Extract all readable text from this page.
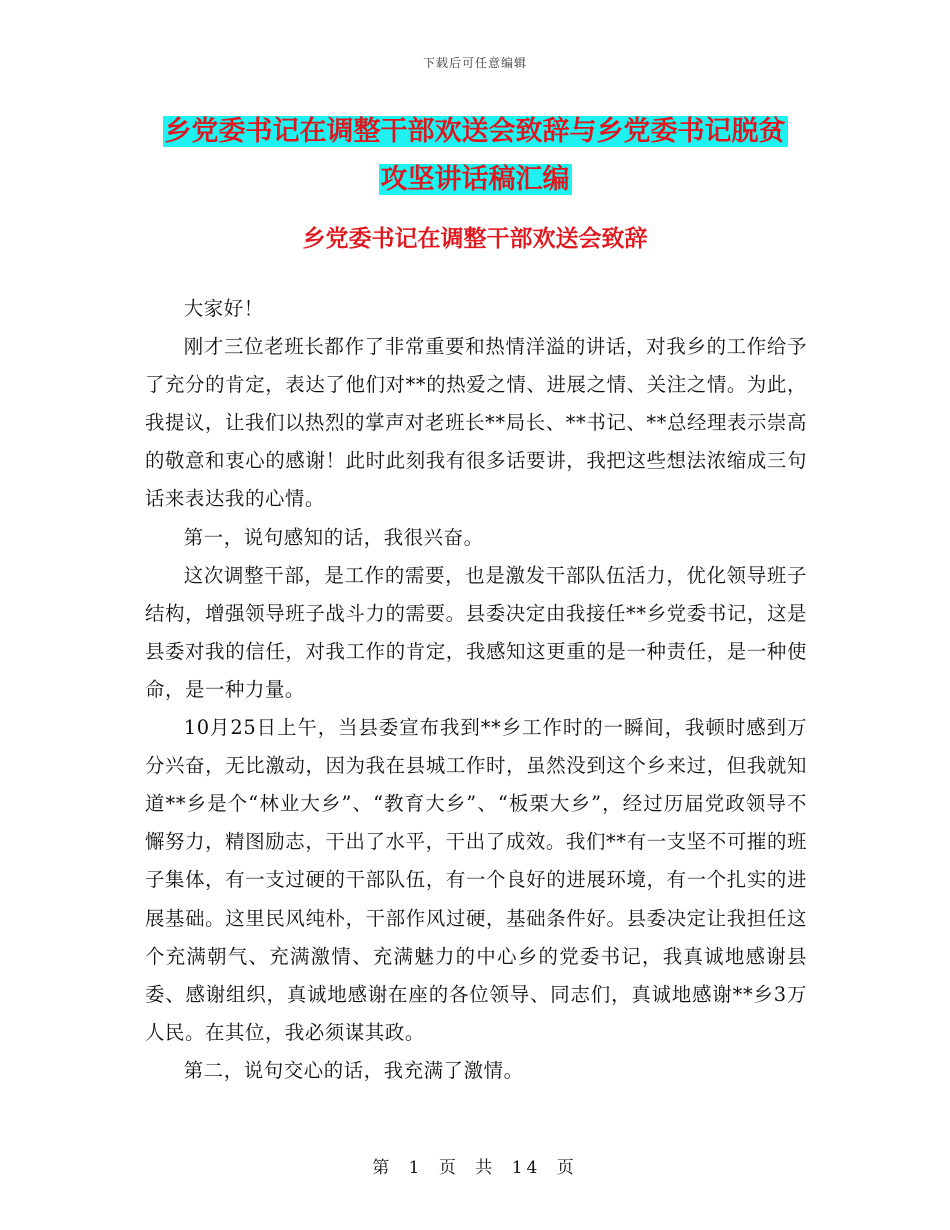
下载后可任意编辑
乡党委书记在调整干部欢送会致辞与乡党委书记脱贫
攻坚讲话稿汇编
乡党委书记在调整干部欢送会致辞

大家好！

刚才三位老班长都作了非常重要和热情洋溢的讲话，对我乡的工作给予了充分的肯定，表达了他们对**的热爱之情、进展之情、关注之情。为此，我提议，让我们以热烈的掌声对老班长**局长、**书记、**总经理表示崇高的敬意和衷心的感谢！此时此刻我有很多话要讲，我把这些想法浓缩成三句话来表达我的心情。

第一，说句感知的话，我很兴奋。

这次调整干部，是工作的需要，也是激发干部队伍活力，优化领导班子结构，增强领导班子战斗力的需要。县委决定由我接任**乡党委书记，这是县委对我的信任，对我工作的肯定，我感知这更重的是一种责任，是一种使命，是一种力量。

10月25日上午，当县委宣布我到**乡工作时的一瞬间，我顿时感到万分兴奋，无比激动，因为我在县城工作时，虽然没到这个乡来过，但我就知道**乡是个“林业大乡”、“教育大乡”、“板栗大乡”，经过历届党政领导不懈努力，精图励志，干出了水平，干出了成效。我们**有一支坚不可摧的班子集体，有一支过硬的干部队伍，有一个良好的进展环境，有一个扎实的进展基础。这里民风纯朴，干部作风过硬，基础条件好。县委决定让我担任这个充满朝气、充满激情、充满魅力的中心乡的党委书记，我真诚地感谢县委、感谢组织，真诚地感谢在座的各位领导、同志们，真诚地感谢**乡3万人民。在其位，我必须谋其政。

第二，说句交心的话，我充满了激情。

第 1 页 共 14 页
